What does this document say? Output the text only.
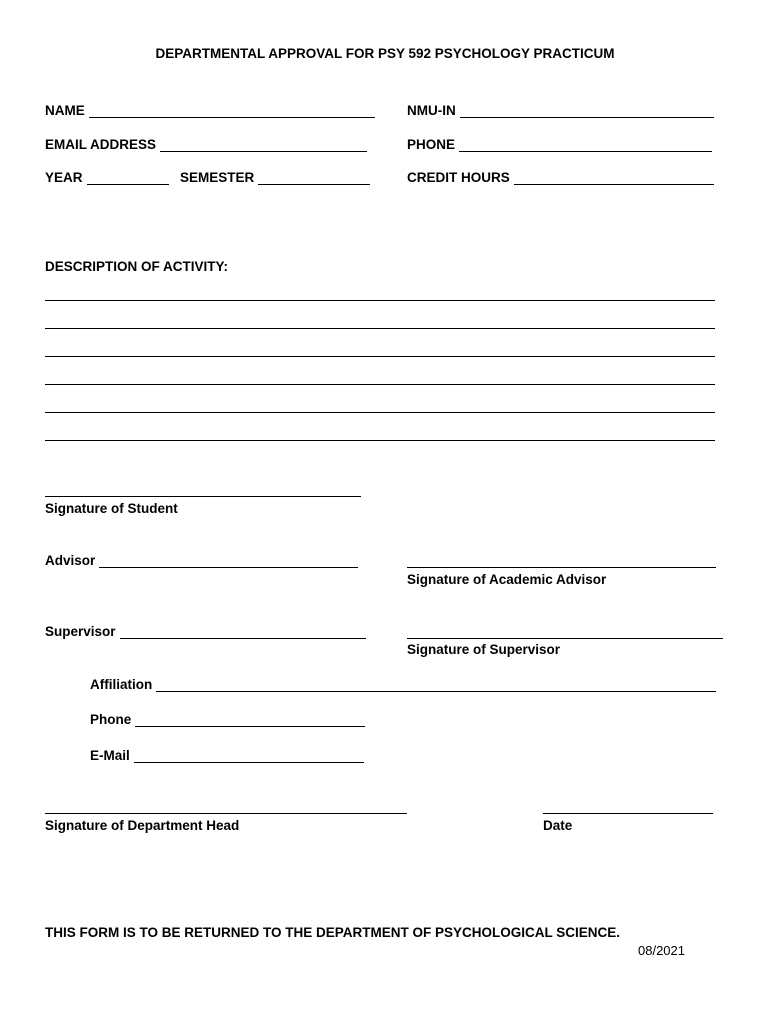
DEPARTMENTAL APPROVAL FOR PSY 592 PSYCHOLOGY PRACTICUM
NAME	NMU-IN
EMAIL ADDRESS	PHONE
YEAR	SEMESTER	CREDIT HOURS
DESCRIPTION OF ACTIVITY:
Signature of Student
Advisor
Signature of Academic Advisor
Supervisor
Signature of Supervisor
Affiliation
Phone
E-Mail
Signature of Department Head	Date
THIS FORM IS TO BE RETURNED TO THE DEPARTMENT OF PSYCHOLOGICAL SCIENCE.
08/2021
